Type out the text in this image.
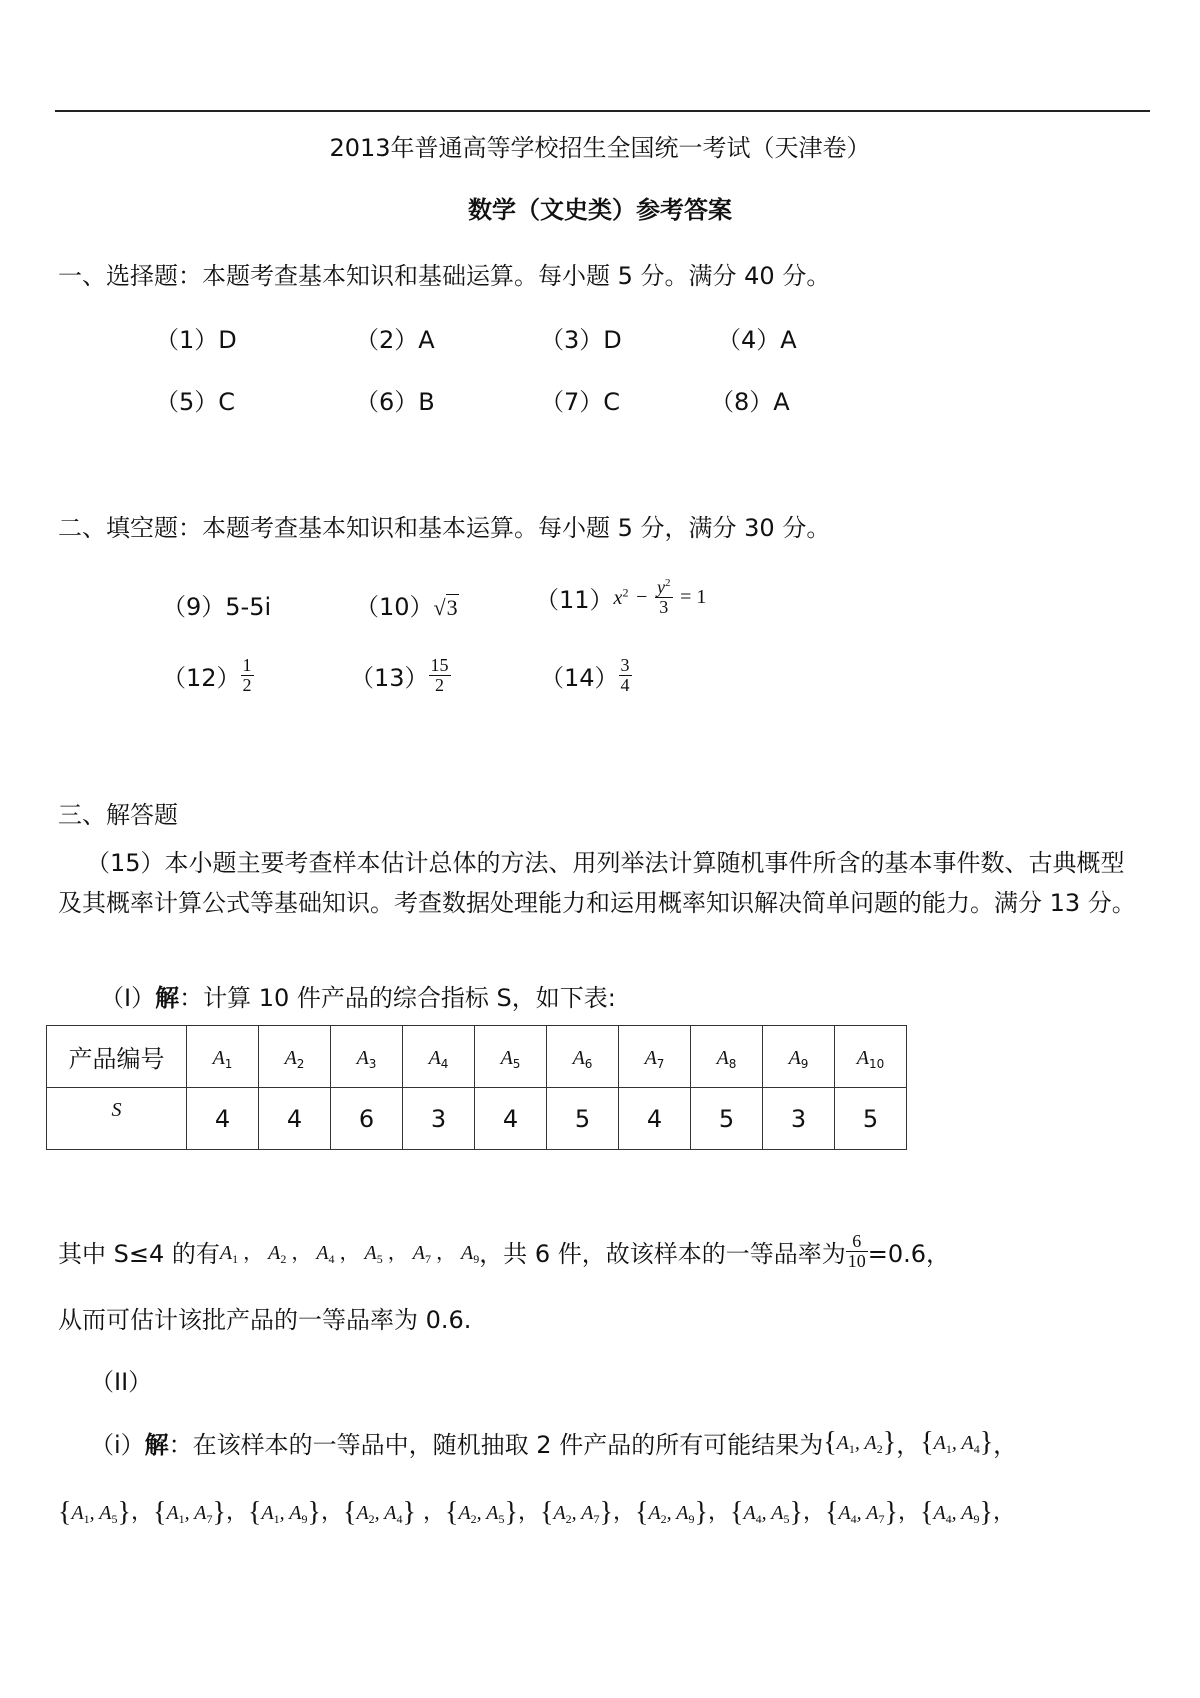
2013年普通高等学校招生全国统一考试（天津卷）
数学（文史类）参考答案
一、选择题：本题考查基本知识和基础运算。每小题 5 分。满分 40 分。
（1）D	（2）A	（3）D	（4）A
（5）C	（6）B	（7）C	（8）A
二、填空题：本题考查基本知识和基本运算。每小题 5 分，满分 30 分。
（9）5-5i	（10）√3	$(11)x^2 - \frac{y^2}{3} = 1$
$(12) \frac{1}{2}$	$(13) \frac{15}{2}$	$(14) \frac{3}{4}$
三、解答题
（15）本小题主要考查样本估计总体的方法、用列举法计算随机事件所含的基本事件数、古典概型及其概率计算公式等基础知识。考查数据处理能力和运用概率知识解决简单问题的能力。满分 13 分。
（I）解：计算 10 件产品的综合指标 S，如下表:
产品编号	$A_1$	$A_2$	$A_3$	$A_4$	$A_5$	$A_6$	$A_7$	$A_8$	$A_9$	$A_{10}$
S	4	4	6	3	4	5	4	5	3	5
其中 S≤4 的有$A_1$ ， $A_2$ ， $A_4$ ， $A_5$ ， $A_7$ ， $A_9$，共 6 件，故该样本的一等品率为 $\frac{6}{10} =0.6$，
从而可估计该批产品的一等品率为 0.6.
（II）
（i）解：在该样本的一等品中，随机抽取 2 件产品的所有可能结果为{$A_1$, $A_2$}，{$A_1$, $A_4$}，
{$A_1$, $A_5$}，{$A_1$, $A_7$}，{$A_1$, $A_9$}，{$A_2$, $A_4$} ，{$A_2$, $A_5$}，{$A_2$, $A_7$}，{$A_2$, $A_9$}，{$A_4$, $A_5$}，{$A_4$, $A_7$}，{$A_4$, $A_9$}，
